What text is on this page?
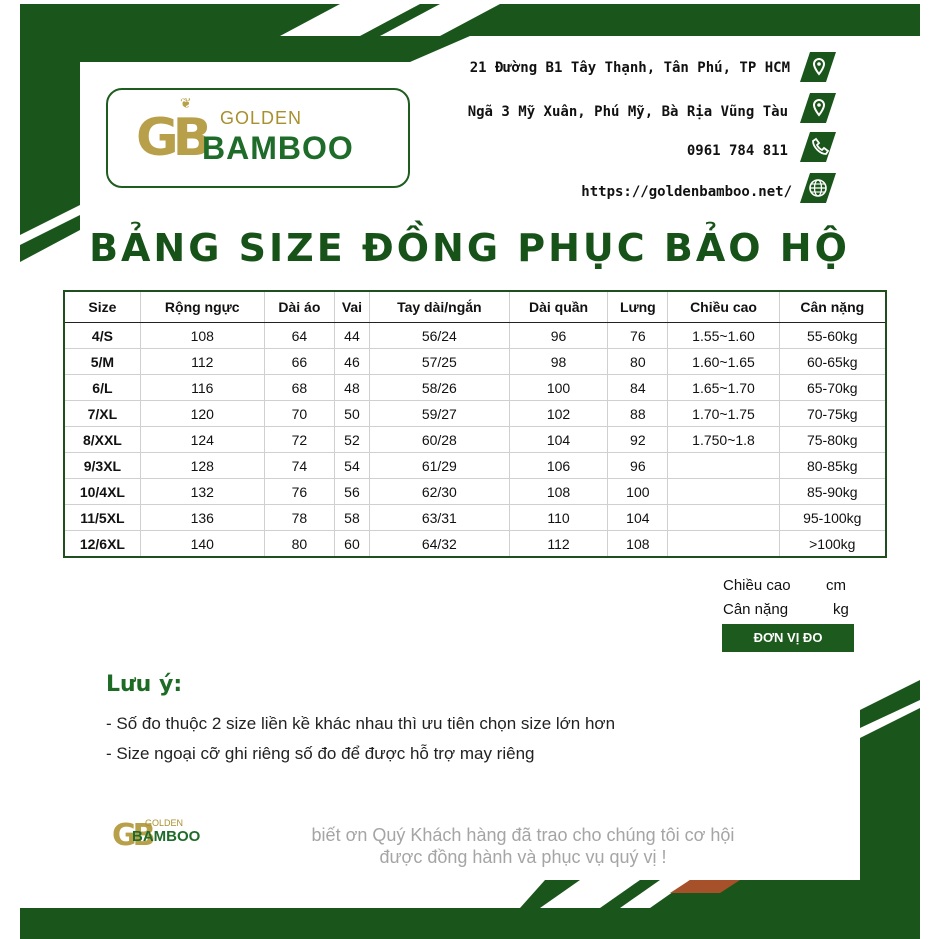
❦
GB GOLDEN
BAMBOO
21 Đường B1 Tây Thạnh, Tân Phú, TP HCM
Ngã 3 Mỹ Xuân, Phú Mỹ, Bà Rịa Vũng Tàu
0961 784 811
https://goldenbamboo.net/
BẢNG SIZE ĐỒNG PHỤC BẢO HỘ
Size	Rộng ngực	Dài áo	Vai	Tay dài/ngắn	Dài quần	Lưng	Chiều cao	Cân nặng
4/S	108	64	44	56/24	96	76	1.55~1.60	55-60kg
5/M	112	66	46	57/25	98	80	1.60~1.65	60-65kg
6/L	116	68	48	58/26	100	84	1.65~1.70	65-70kg
7/XL	120	70	50	59/27	102	88	1.70~1.75	70-75kg
8/XXL	124	72	52	60/28	104	92	1.750~1.8	75-80kg
9/3XL	128	74	54	61/29	106	96		80-85kg
10/4XL	132	76	56	62/30	108	100		85-90kg
11/5XL	136	78	58	63/31	110	104		95-100kg
12/6XL	140	80	60	64/32	112	108		>100kg
Chiều cao cm
Cân nặng	kg
ĐƠN VỊ ĐO
Lưu ý:
- Số đo thuộc 2 size liền kề khác nhau thì ưu tiên chọn size lớn hơn
- Size ngoại cỡ ghi riêng số đo để được hỗ trợ may riêng
GB
GOLDEN
BAMBOO	biết ơn Quý Khách hàng đã trao cho chúng tôi cơ hội
được đồng hành và phục vụ quý vị !
